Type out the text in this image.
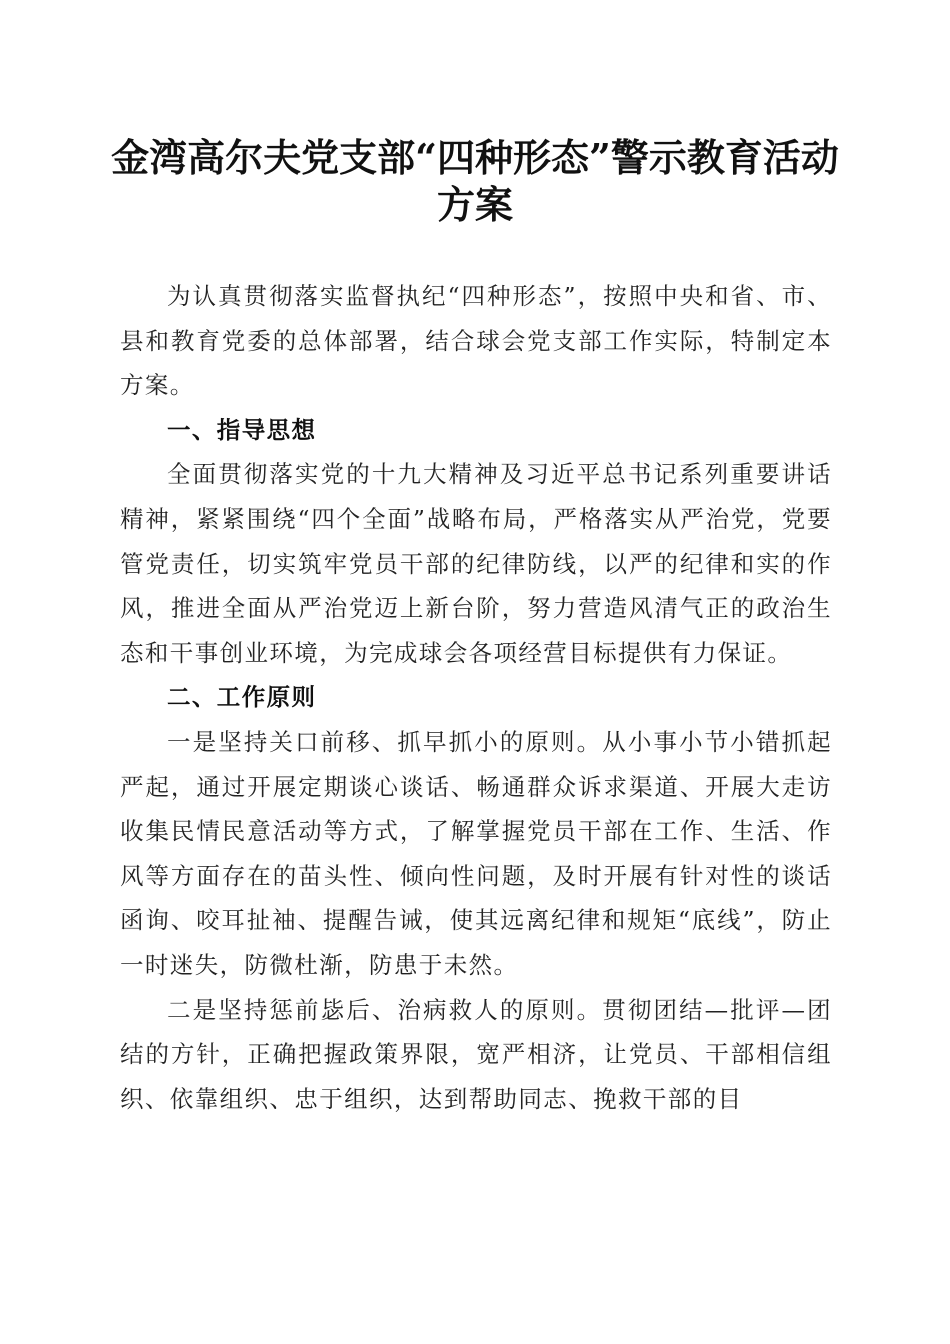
金湾高尔夫党支部“四种形态”警示教育活动
方案

为认真贯彻落实监督执纪“四种形态”，按照中央和省、市、县和教育党委的总体部署，结合球会党支部工作实际，特制定本方案。

一、指导思想

全面贯彻落实党的十九大精神及习近平总书记系列重要讲话精神，紧紧围绕“四个全面”战略布局，严格落实从严治党，党要管党责任，切实筑牢党员干部的纪律防线，以严的纪律和实的作风，推进全面从严治党迈上新台阶，努力营造风清气正的政治生态和干事创业环境，为完成球会各项经营目标提供有力保证。

二、工作原则

一是坚持关口前移、抓早抓小的原则。从小事小节小错抓起严起，通过开展定期谈心谈话、畅通群众诉求渠道、开展大走访收集民情民意活动等方式，了解掌握党员干部在工作、生活、作风等方面存在的苗头性、倾向性问题，及时开展有针对性的谈话函询、咬耳扯袖、提醒告诫，使其远离纪律和规矩“底线”，防止一时迷失，防微杜渐，防患于未然。

二是坚持惩前毖后、治病救人的原则。贯彻团结—批评—团结的方针，正确把握政策界限，宽严相济，让党员、干部相信组织、依靠组织、忠于组织，达到帮助同志、挽救干部的目
